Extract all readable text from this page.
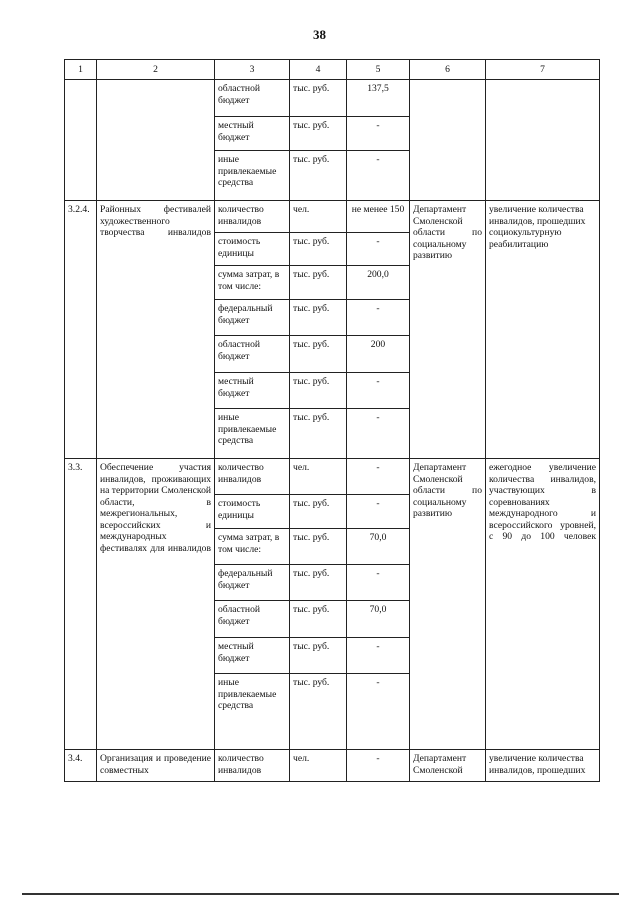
38
1	2	3	4	5	6	7
		областной бюджет	тыс. руб.	137,5		
		местный бюджет	тыс. руб.	-		
		иные привлекаемые средства	тыс. руб.	-		
3.2.4.	Районных фестивалей художественного творчества инвалидов	количество инвалидов	чел.	не менее 150	Департамент Смоленской области по социальному развитию	увеличение количества инвалидов, прошедших социокультурную реабилитацию
		стоимость единицы	тыс. руб.	-		
		сумма затрат, в том числе:	тыс. руб.	200,0		
		федеральный бюджет	тыс. руб.	-		
		областной бюджет	тыс. руб.	200		
		местный бюджет	тыс. руб.	-		
		иные привлекаемые средства	тыс. руб.	-		
3.3.	Обеспечение участия инвалидов, проживающих на территории Смоленской области, в межрегиональных, всероссийских и международных фестивалях для инвалидов	количество инвалидов	чел.	-	Департамент Смоленской области по социальному развитию	ежегодное увеличение количества инвалидов, участвующих в соревнованиях международного и всероссийского уровней, с 90 до 100 человек
		стоимость единицы	тыс. руб.	-		
		сумма затрат, в том числе:	тыс. руб.	70,0		
		федеральный бюджет	тыс. руб.	-		
		областной бюджет	тыс. руб.	70,0		
		местный бюджет	тыс. руб.	-		
		иные привлекаемые средства	тыс. руб.	-		
3.4.	Организация и проведение совместных	количество инвалидов	чел.	-	Департамент Смоленской	увеличение количества инвалидов, прошедших
